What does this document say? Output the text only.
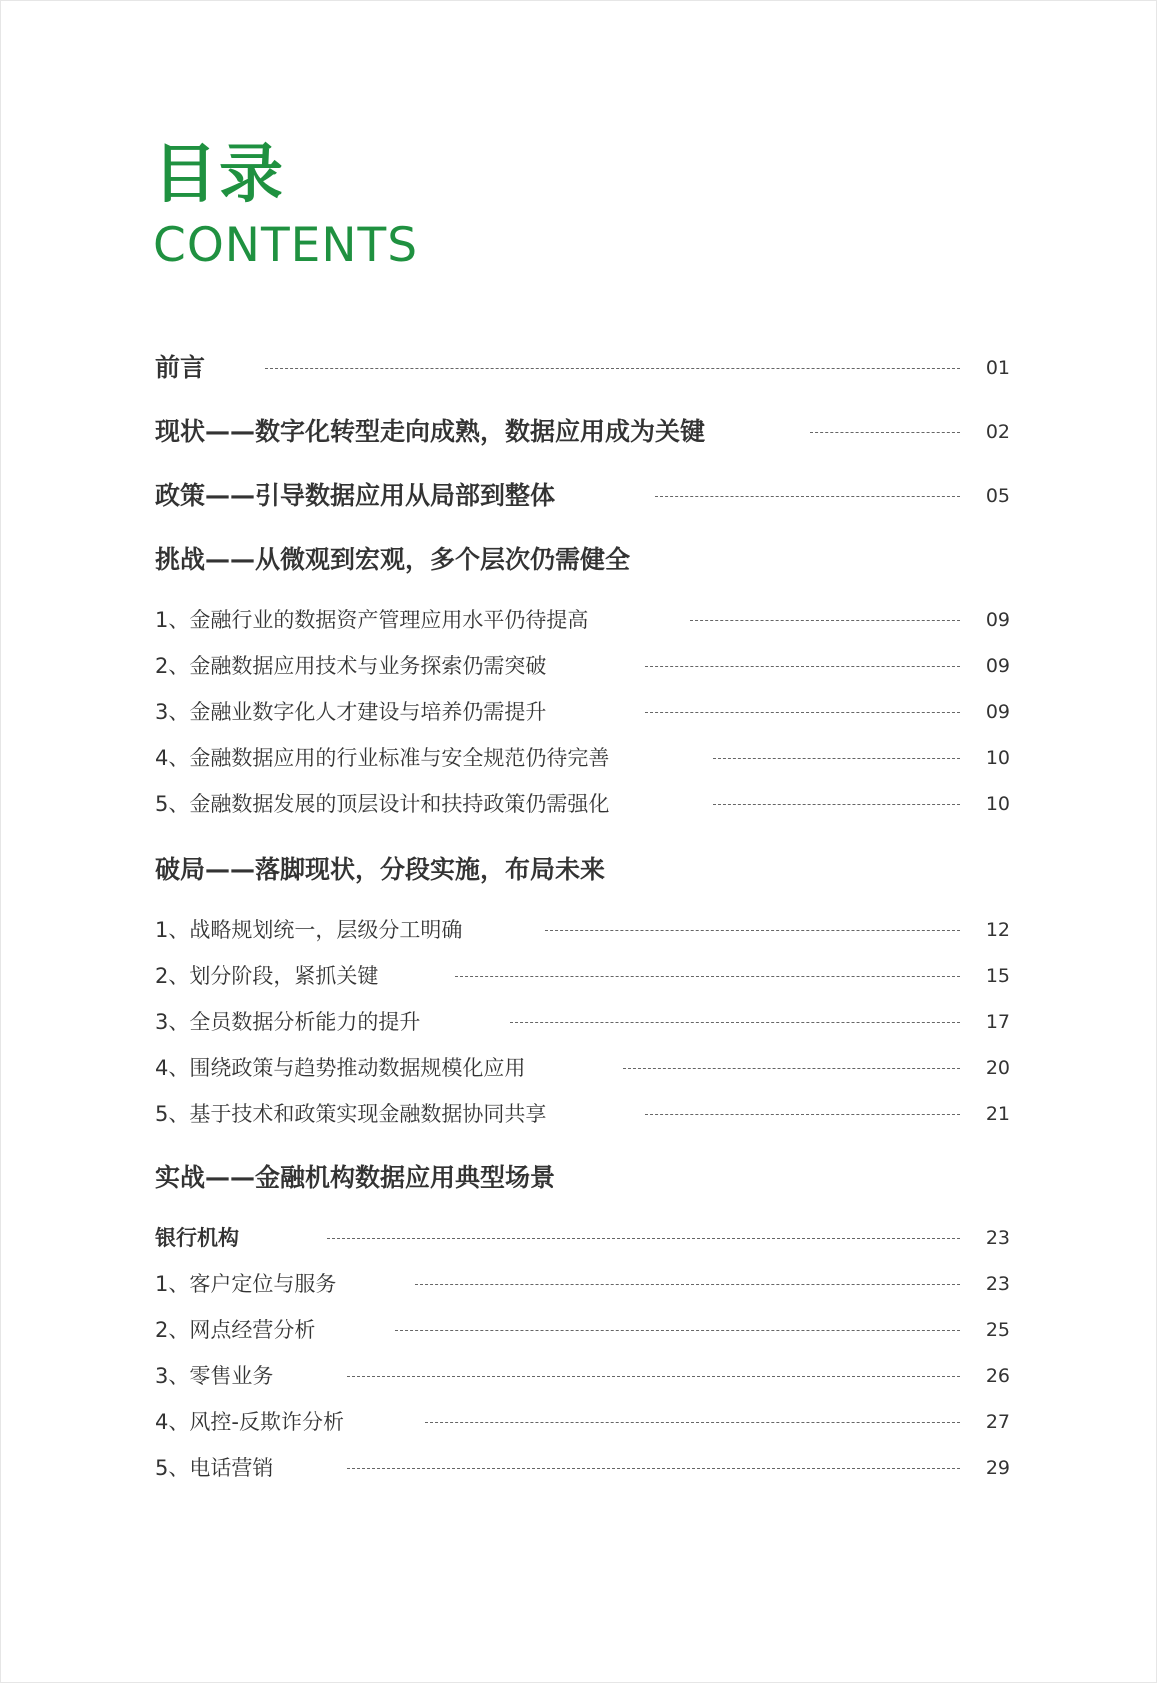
目录
CONTENTS
前言	01
现状——数字化转型走向成熟，数据应用成为关键	02
政策——引导数据应用从局部到整体	05
挑战——从微观到宏观，多个层次仍需健全
1、金融行业的数据资产管理应用水平仍待提高	09
2、金融数据应用技术与业务探索仍需突破	09
3、金融业数字化人才建设与培养仍需提升	09
4、金融数据应用的行业标准与安全规范仍待完善	10
5、金融数据发展的顶层设计和扶持政策仍需强化	10
破局——落脚现状，分段实施，布局未来
1、战略规划统一，层级分工明确	12
2、划分阶段，紧抓关键	15
3、全员数据分析能力的提升	17
4、围绕政策与趋势推动数据规模化应用	20
5、基于技术和政策实现金融数据协同共享	21
实战——金融机构数据应用典型场景
银行机构	23
1、客户定位与服务	23
2、网点经营分析	25
3、零售业务	26
4、风控-反欺诈分析	27
5、电话营销	29
